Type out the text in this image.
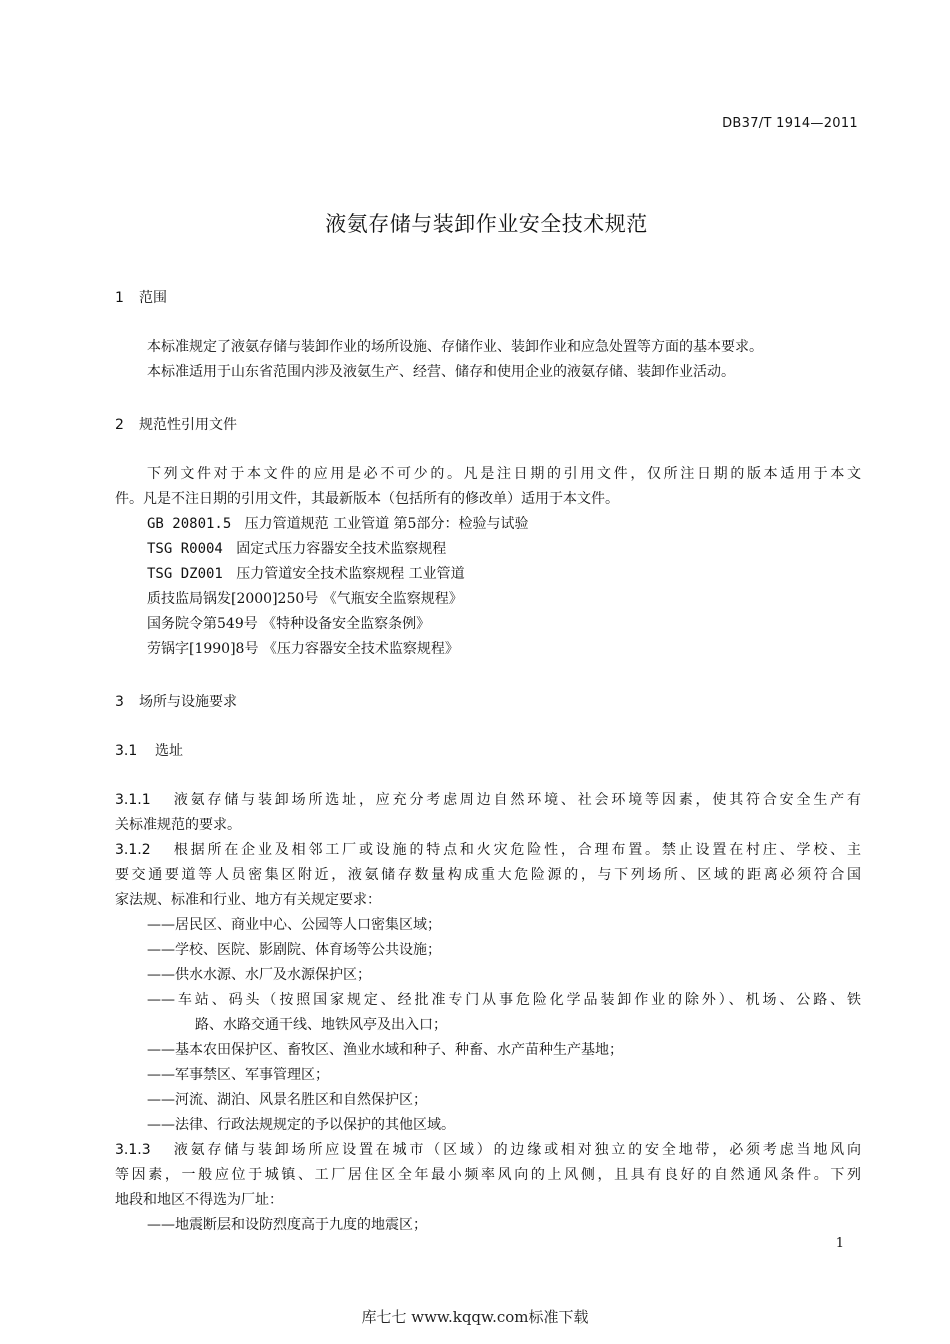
DB37/T 1914—2011
液氨存储与装卸作业安全技术规范
1 范围
本标准规定了液氨存储与装卸作业的场所设施、存储作业、装卸作业和应急处置等方面的基本要求。
本标准适用于山东省范围内涉及液氨生产、经营、储存和使用企业的液氨存储、装卸作业活动。
2 规范性引用文件
下列文件对于本文件的应用是必不可少的。凡是注日期的引用文件，仅所注日期的版本适用于本文
件。凡是不注日期的引用文件，其最新版本（包括所有的修改单）适用于本文件。
GB 20801.5 压力管道规范 工业管道 第5部分：检验与试验
TSG R0004 固定式压力容器安全技术监察规程
TSG DZ001 压力管道安全技术监察规程 工业管道
质技监局锅发[2000]250号 《气瓶安全监察规程》
国务院令第549号 《特种设备安全监察条例》
劳锅字[1990]8号 《压力容器安全技术监察规程》
3 场所与设施要求
3.1 选址
3.1.1 液氨存储与装卸场所选址，应充分考虑周边自然环境、社会环境等因素，使其符合安全生产有
关标准规范的要求。
3.1.2 根据所在企业及相邻工厂或设施的特点和火灾危险性，合理布置。禁止设置在村庄、学校、主
要交通要道等人员密集区附近，液氨储存数量构成重大危险源的，与下列场所、区域的距离必须符合国
家法规、标准和行业、地方有关规定要求：
——居民区、商业中心、公园等人口密集区域；
——学校、医院、影剧院、体育场等公共设施；
——供水水源、水厂及水源保护区；
——车站、码头（按照国家规定、经批准专门从事危险化学品装卸作业的除外）、机场、公路、铁
路、水路交通干线、地铁风亭及出入口；
——基本农田保护区、畜牧区、渔业水域和种子、种畜、水产苗种生产基地；
——军事禁区、军事管理区；
——河流、湖泊、风景名胜区和自然保护区；
——法律、行政法规规定的予以保护的其他区域。
3.1.3 液氨存储与装卸场所应设置在城市（区域）的边缘或相对独立的安全地带，必须考虑当地风向
等因素，一般应位于城镇、工厂居住区全年最小频率风向的上风侧，且具有良好的自然通风条件。下列
地段和地区不得选为厂址：
——地震断层和设防烈度高于九度的地震区；
1
库七七 www.kqqw.com标准下载
